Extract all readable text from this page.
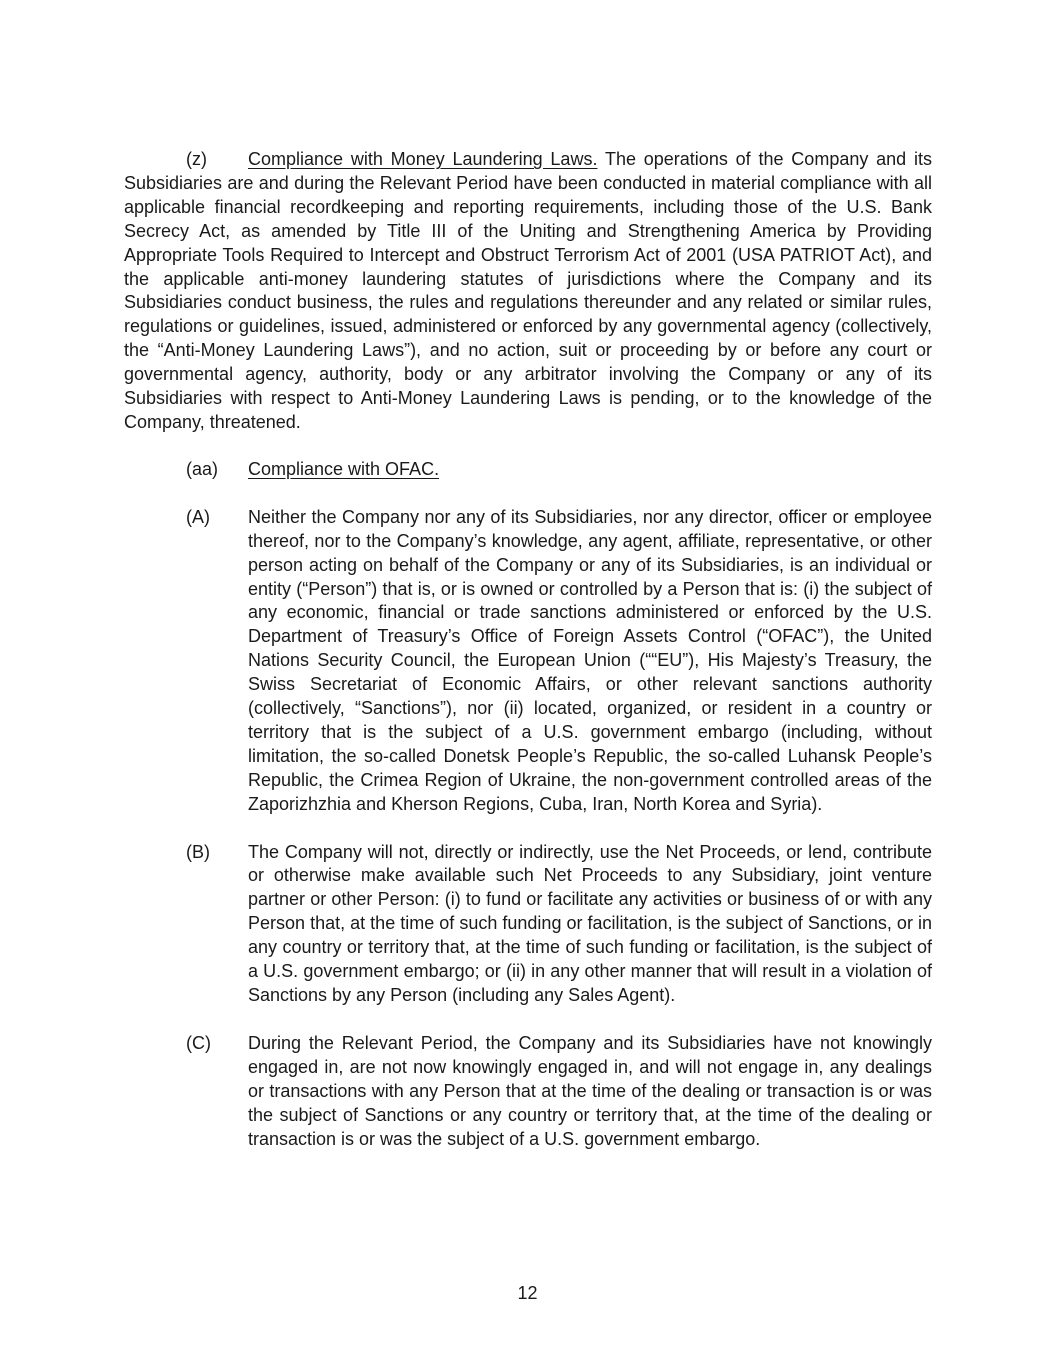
(z) Compliance with Money Laundering Laws. The operations of the Company and its Subsidiaries are and during the Relevant Period have been conducted in material compliance with all applicable financial recordkeeping and reporting requirements, including those of the U.S. Bank Secrecy Act, as amended by Title III of the Uniting and Strengthening America by Providing Appropriate Tools Required to Intercept and Obstruct Terrorism Act of 2001 (USA PATRIOT Act), and the applicable anti-money laundering statutes of jurisdictions where the Company and its Subsidiaries conduct business, the rules and regulations thereunder and any related or similar rules, regulations or guidelines, issued, administered or enforced by any governmental agency (collectively, the “Anti-Money Laundering Laws”), and no action, suit or proceeding by or before any court or governmental agency, authority, body or any arbitrator involving the Company or any of its Subsidiaries with respect to Anti-Money Laundering Laws is pending, or to the knowledge of the Company, threatened.

(aa) Compliance with OFAC.
(A)	Neither the Company nor any of its Subsidiaries, nor any director, officer or employee thereof, nor to the Company’s knowledge, any agent, affiliate, representative, or other person acting on behalf of the Company or any of its Subsidiaries, is an individual or entity (“Person”) that is, or is owned or controlled by a Person that is: (i) the subject of any economic, financial or trade sanctions administered or enforced by the U.S. Department of Treasury’s Office of Foreign Assets Control (“OFAC”), the United Nations Security Council, the European Union (““EU”), His Majesty’s Treasury, the Swiss Secretariat of Economic Affairs, or other relevant sanctions authority (collectively, “Sanctions”), nor (ii) located, organized, or resident in a country or territory that is the subject of a U.S. government embargo (including, without limitation, the so-called Donetsk People’s Republic, the so-called Luhansk People’s Republic, the Crimea Region of Ukraine, the non-government controlled areas of the Zaporizhzhia and Kherson Regions, Cuba, Iran, North Korea and Syria).
(B)	The Company will not, directly or indirectly, use the Net Proceeds, or lend, contribute or otherwise make available such Net Proceeds to any Subsidiary, joint venture partner or other Person: (i) to fund or facilitate any activities or business of or with any Person that, at the time of such funding or facilitation, is the subject of Sanctions, or in any country or territory that, at the time of such funding or facilitation, is the subject of a U.S. government embargo; or (ii) in any other manner that will result in a violation of Sanctions by any Person (including any Sales Agent).
(C)	During the Relevant Period, the Company and its Subsidiaries have not knowingly engaged in, are not now knowingly engaged in, and will not engage in, any dealings or transactions with any Person that at the time of the dealing or transaction is or was the subject of Sanctions or any country or territory that, at the time of the dealing or transaction is or was the subject of a U.S. government embargo.
12
